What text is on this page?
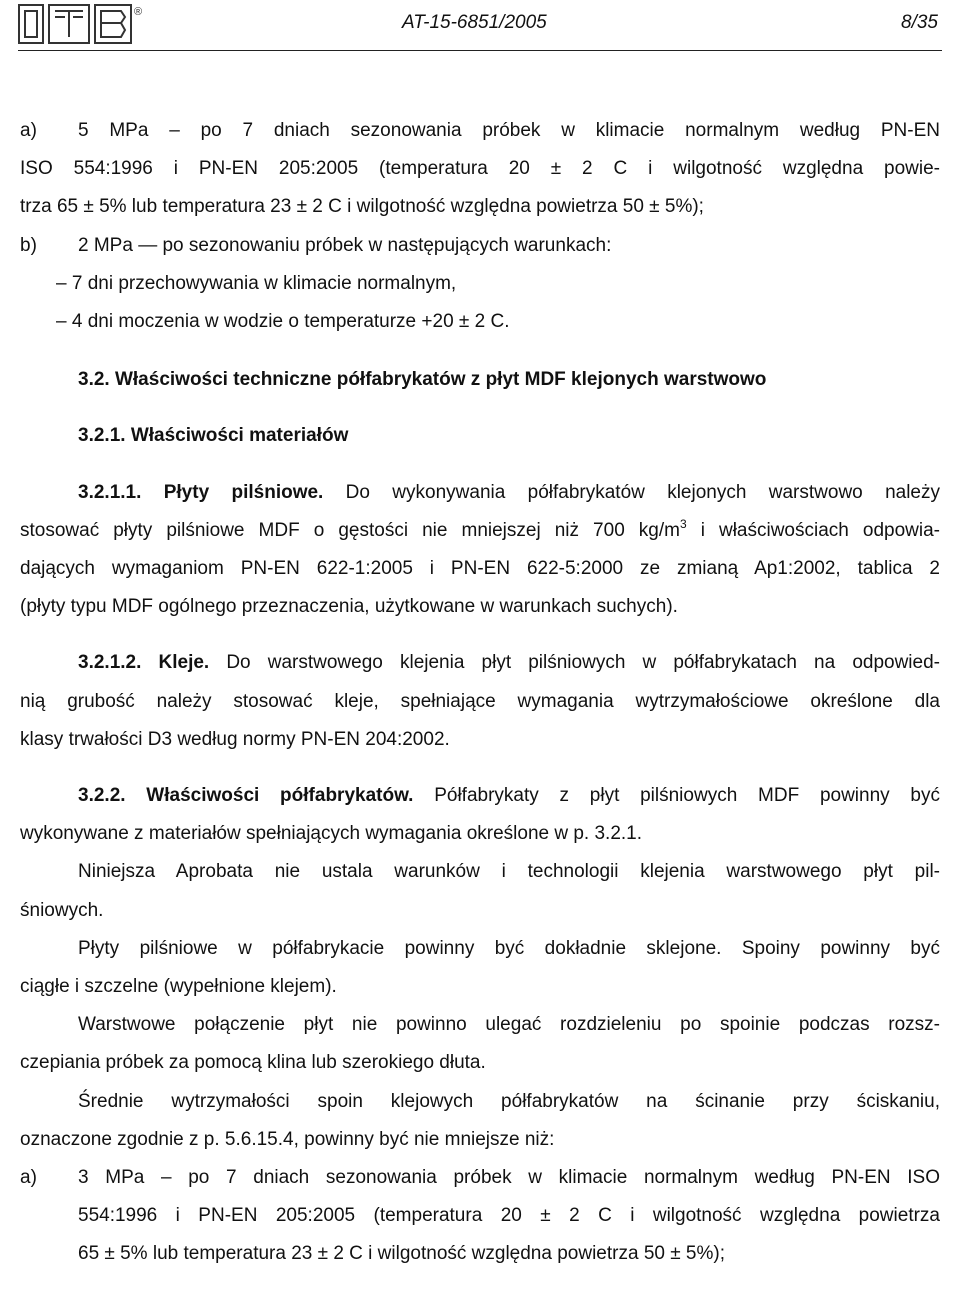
®	AT-15-6851/2005	8/35
a)	5 MPa – po 7 dniach sezonowania próbek w klimacie normalnym według PN-EN

ISO 554:1996 i PN-EN 205:2005 (temperatura 20 ± 2 C i wilgotność względna powie-

trza 65 ± 5% lub temperatura 23 ± 2 C i wilgotność względna powietrza 50 ± 5%);

b)	2 MPa — po sezonowaniu próbek w następujących warunkach:

– 7 dni przechowywania w klimacie normalnym,

– 4 dni moczenia w wodzie o temperaturze +20 ± 2 C.

3.2. Właściwości techniczne półfabrykatów z płyt MDF klejonych warstwowo

3.2.1. Właściwości materiałów

3.2.1.1. Płyty pilśniowe. Do wykonywania półfabrykatów klejonych warstwowo należy

stosować płyty pilśniowe MDF o gęstości nie mniejszej niż 700 $kg/m^3$ i właściwościach odpowia-

dających wymaganiom PN-EN 622-1:2005 i PN-EN 622-5:2000 ze zmianą Ap1:2002, tablica 2

(płyty typu MDF ogólnego przeznaczenia, użytkowane w warunkach suchych).

3.2.1.2. Kleje. Do warstwowego klejenia płyt pilśniowych w półfabrykatach na odpowied-

nią grubość należy stosować kleje, spełniające wymagania wytrzymałościowe określone dla

klasy trwałości D3 według normy PN-EN 204:2002.

3.2.2. Właściwości półfabrykatów. Półfabrykaty z płyt pilśniowych MDF powinny być

wykonywane z materiałów spełniających wymagania określone w p. 3.2.1.

Niniejsza Aprobata nie ustala warunków i technologii klejenia warstwowego płyt pil-

śniowych.

Płyty pilśniowe w półfabrykacie powinny być dokładnie sklejone. Spoiny powinny być

ciągłe i szczelne (wypełnione klejem).

Warstwowe połączenie płyt nie powinno ulegać rozdzieleniu po spoinie podczas rozsz-

czepiania próbek za pomocą klina lub szerokiego dłuta.

Średnie wytrzymałości spoin klejowych półfabrykatów na ścinanie przy ściskaniu,

oznaczone zgodnie z p. 5.6.15.4, powinny być nie mniejsze niż:

a)	3 MPa – po 7 dniach sezonowania próbek w klimacie normalnym według PN-EN ISO

554:1996 i PN-EN 205:2005 (temperatura 20 ± 2 C i wilgotność względna powietrza

65 ± 5% lub temperatura 23 ± 2 C i wilgotność względna powietrza 50 ± 5%);
